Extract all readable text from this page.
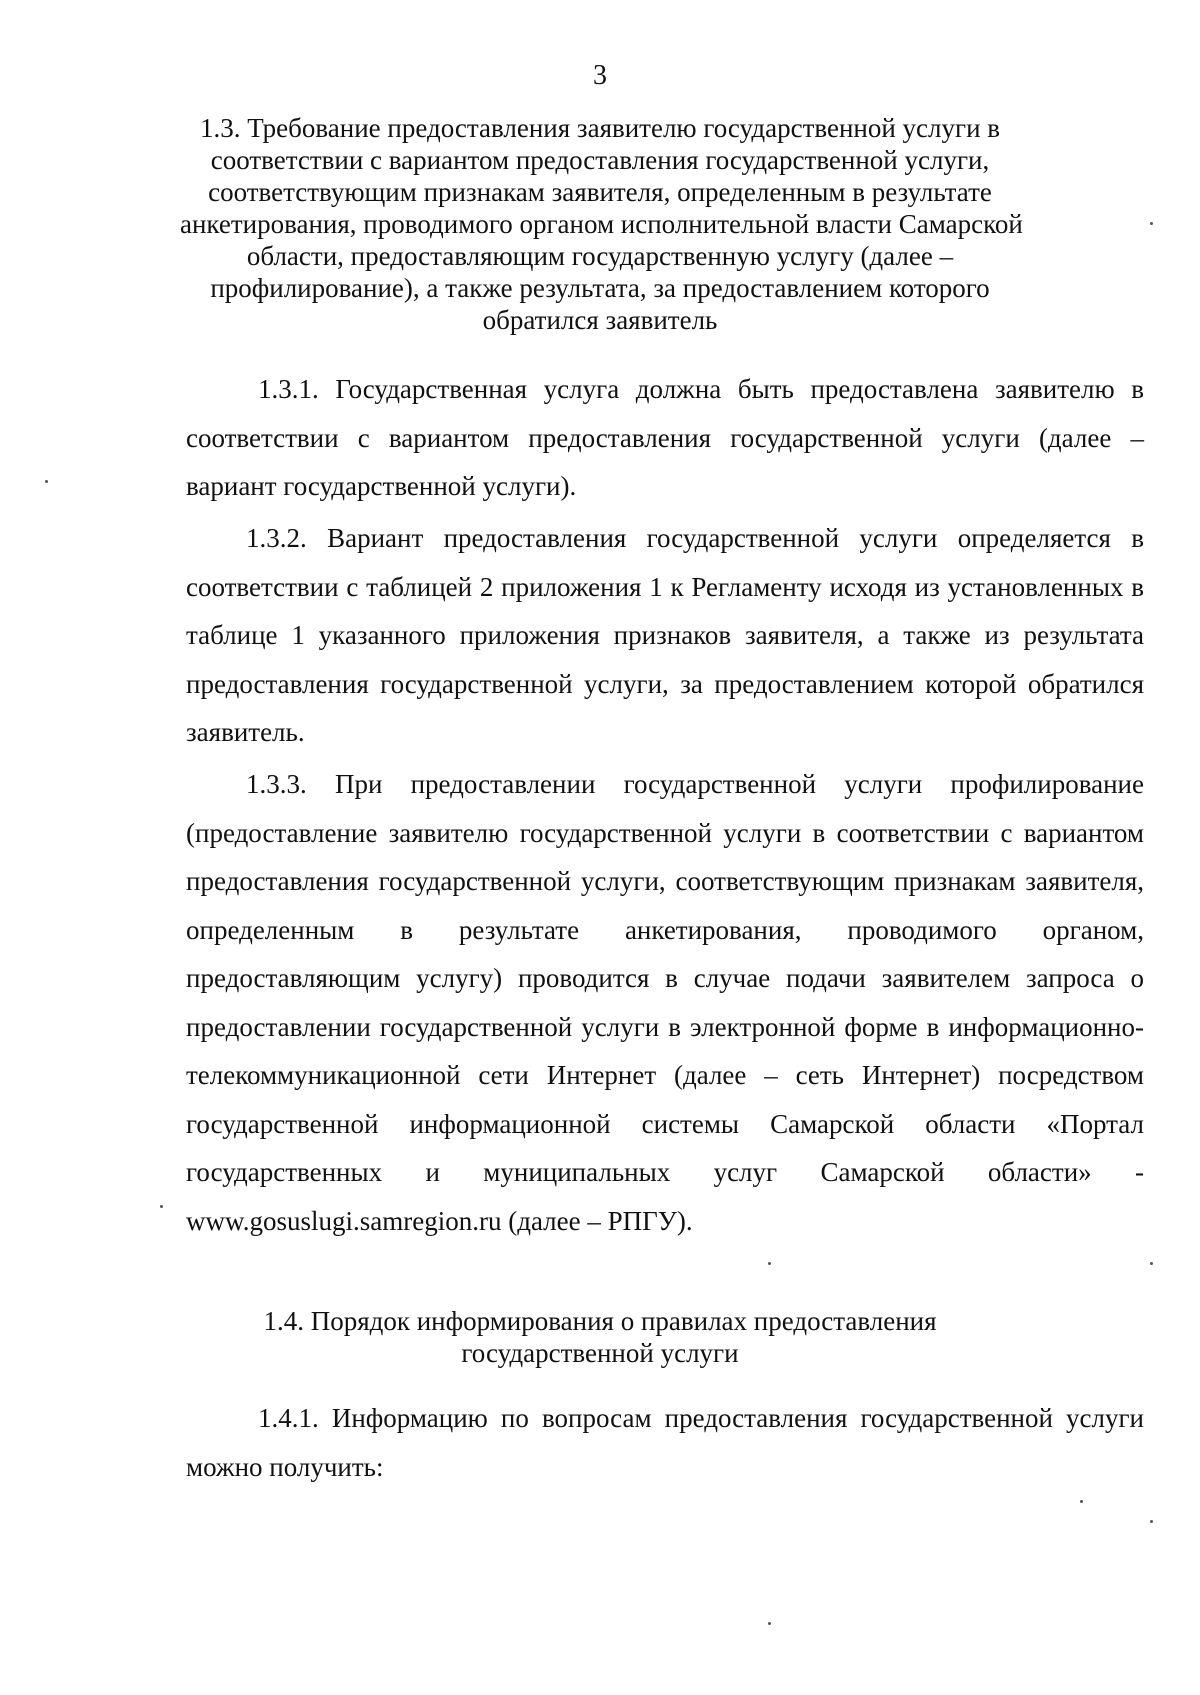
3
1.3. Требование предоставления заявителю государственной услуги в
соответствии с вариантом предоставления государственной услуги,
соответствующим признакам заявителя, определенным в результате
анкетирования, проводимого органом исполнительной власти Самарской
области, предоставляющим государственную услугу (далее –
профилирование), а также результата, за предоставлением которого
обратился заявитель

1.3.1. Государственная услуга должна быть предоставлена заявителю в соответствии с вариантом предоставления государственной услуги (далее – вариант государственной услуги).

1.3.2. Вариант предоставления государственной услуги определяется в соответствии с таблицей 2 приложения 1 к Регламенту исходя из установленных в таблице 1 указанного приложения признаков заявителя, а также из результата предоставления государственной услуги, за предоставлением которой обратился заявитель.

1.3.3. При предоставлении государственной услуги профилирование (предоставление заявителю государственной услуги в соответствии с вариантом предоставления государственной услуги, соответствующим признакам заявителя, определенным в результате анкетирования, проводимого органом, предоставляющим услугу) проводится в случае подачи заявителем запроса о предоставлении государственной услуги в электронной форме в информационно-телекоммуникационной сети Интернет (далее – сеть Интернет) посредством государственной информационной системы Самарской области «Портал государственных и муниципальных услуг Самарской области» - www.gosuslugi.samregion.ru (далее – РПГУ).

1.4. Порядок информирования о правилах предоставления
государственной услуги

1.4.1. Информацию по вопросам предоставления государственной услуги можно получить:
